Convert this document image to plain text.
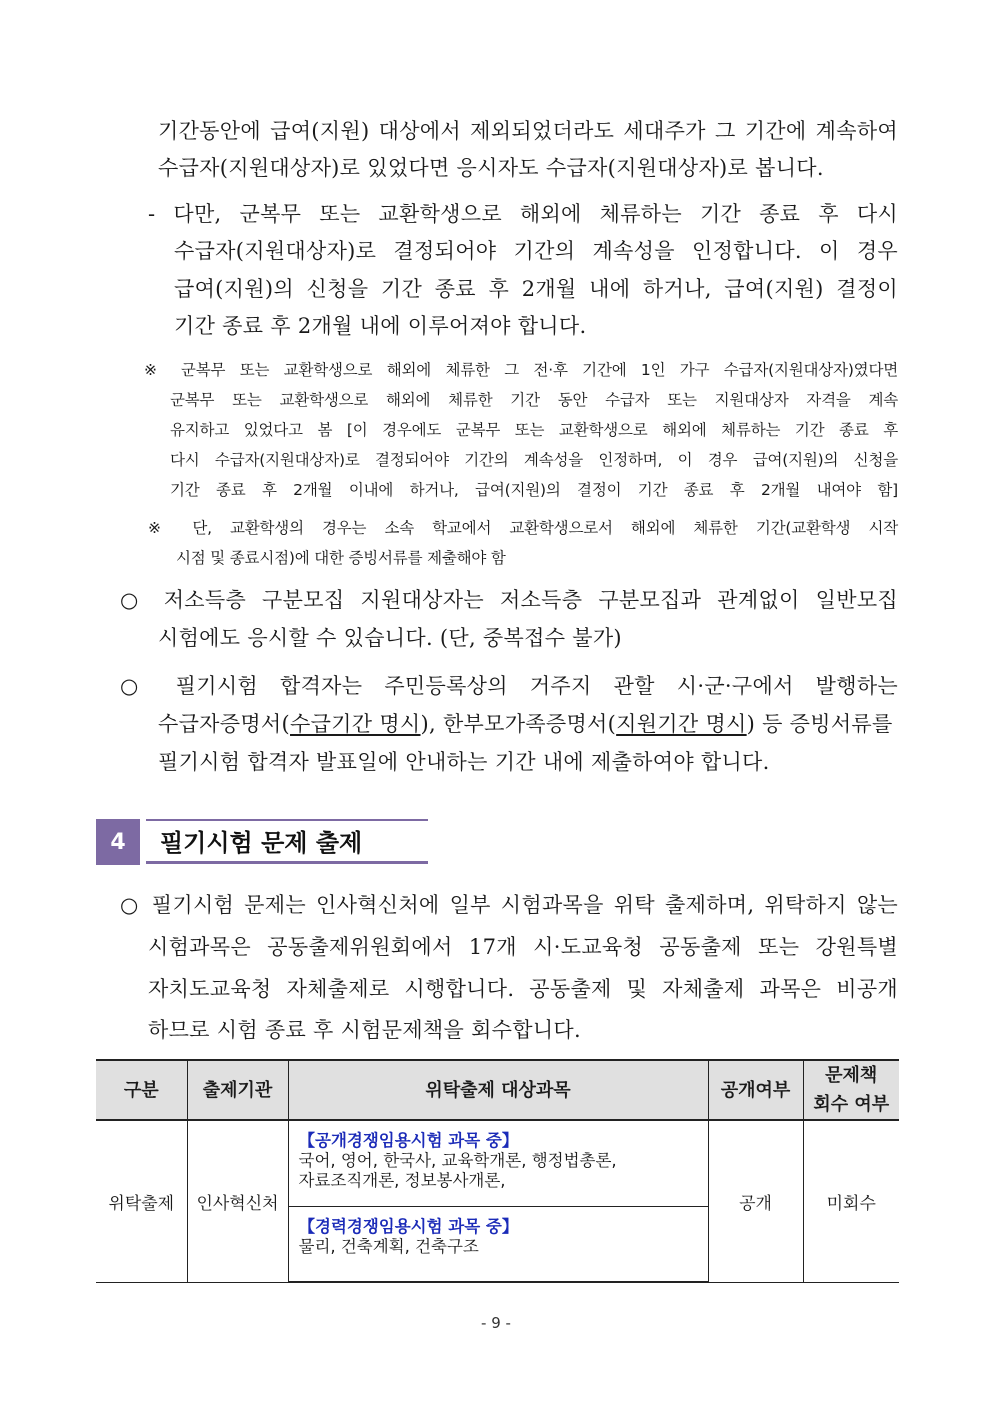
기간동안에 급여(지원) 대상에서 제외되었더라도 세대주가 그 기간에 계속하여
수급자(지원대상자)로 있었다면 응시자도 수급자(지원대상자)로 봅니다.
- 다만, 군복무 또는 교환학생으로 해외에 체류하는 기간 종료 후 다시
수급자(지원대상자)로 결정되어야 기간의 계속성을 인정합니다. 이 경우
급여(지원)의 신청을 기간 종료 후 2개월 내에 하거나, 급여(지원) 결정이
기간 종료 후 2개월 내에 이루어져야 합니다.
※ 군복무 또는 교환학생으로 해외에 체류한 그 전·후 기간에 1인 가구 수급자(지원대상자)였다면
군복무 또는 교환학생으로 해외에 체류한 기간 동안 수급자 또는 지원대상자 자격을 계속
유지하고 있었다고 봄 [이 경우에도 군복무 또는 교환학생으로 해외에 체류하는 기간 종료 후
다시 수급자(지원대상자)로 결정되어야 기간의 계속성을 인정하며, 이 경우 급여(지원)의 신청을
기간 종료 후 2개월 이내에 하거나, 급여(지원)의 결정이 기간 종료 후 2개월 내여야 함]
※ 단, 교환학생의 경우는 소속 학교에서 교환학생으로서 해외에 체류한 기간(교환학생 시작
시점 및 종료시점)에 대한 증빙서류를 제출해야 함
○ 저소득층 구분모집 지원대상자는 저소득층 구분모집과 관계없이 일반모집
시험에도 응시할 수 있습니다. (단, 중복접수 불가)
○ 필기시험 합격자는 주민등록상의 거주지 관할 시·군·구에서 발행하는
수급자증명서( 수급기간 명시 ), 한부모가족증명서( 지원기간 명시 ) 등 증빙서류를
필기시험 합격자 발표일에 안내하는 기간 내에 제출하여야 합니다.
4	필기시험 문제 출제
○ 필기시험 문제는 인사혁신처에 일부 시험과목을 위탁 출제하며, 위탁하지 않는
시험과목은 공동출제위원회에서 17개 시·도교육청 공동출제 또는 강원특별
자치도교육청 자체출제로 시행합니다. 공동출제 및 자체출제 과목은 비공개
하므로 시험 종료 후 시험문제책을 회수합니다.
구분	출제기관	위탁출제 대상과목	공개여부	문제책
회수 여부

위탁출제	인사혁신처	【공개경쟁임용시험 과목 중】
국어, 영어, 한국사, 교육학개론, 행정법총론,
자료조직개론, 정보봉사개론,	공개	미회수

		【경력경쟁임용시험 과목 중】
물리, 건축계획, 건축구조		
- 9 -
